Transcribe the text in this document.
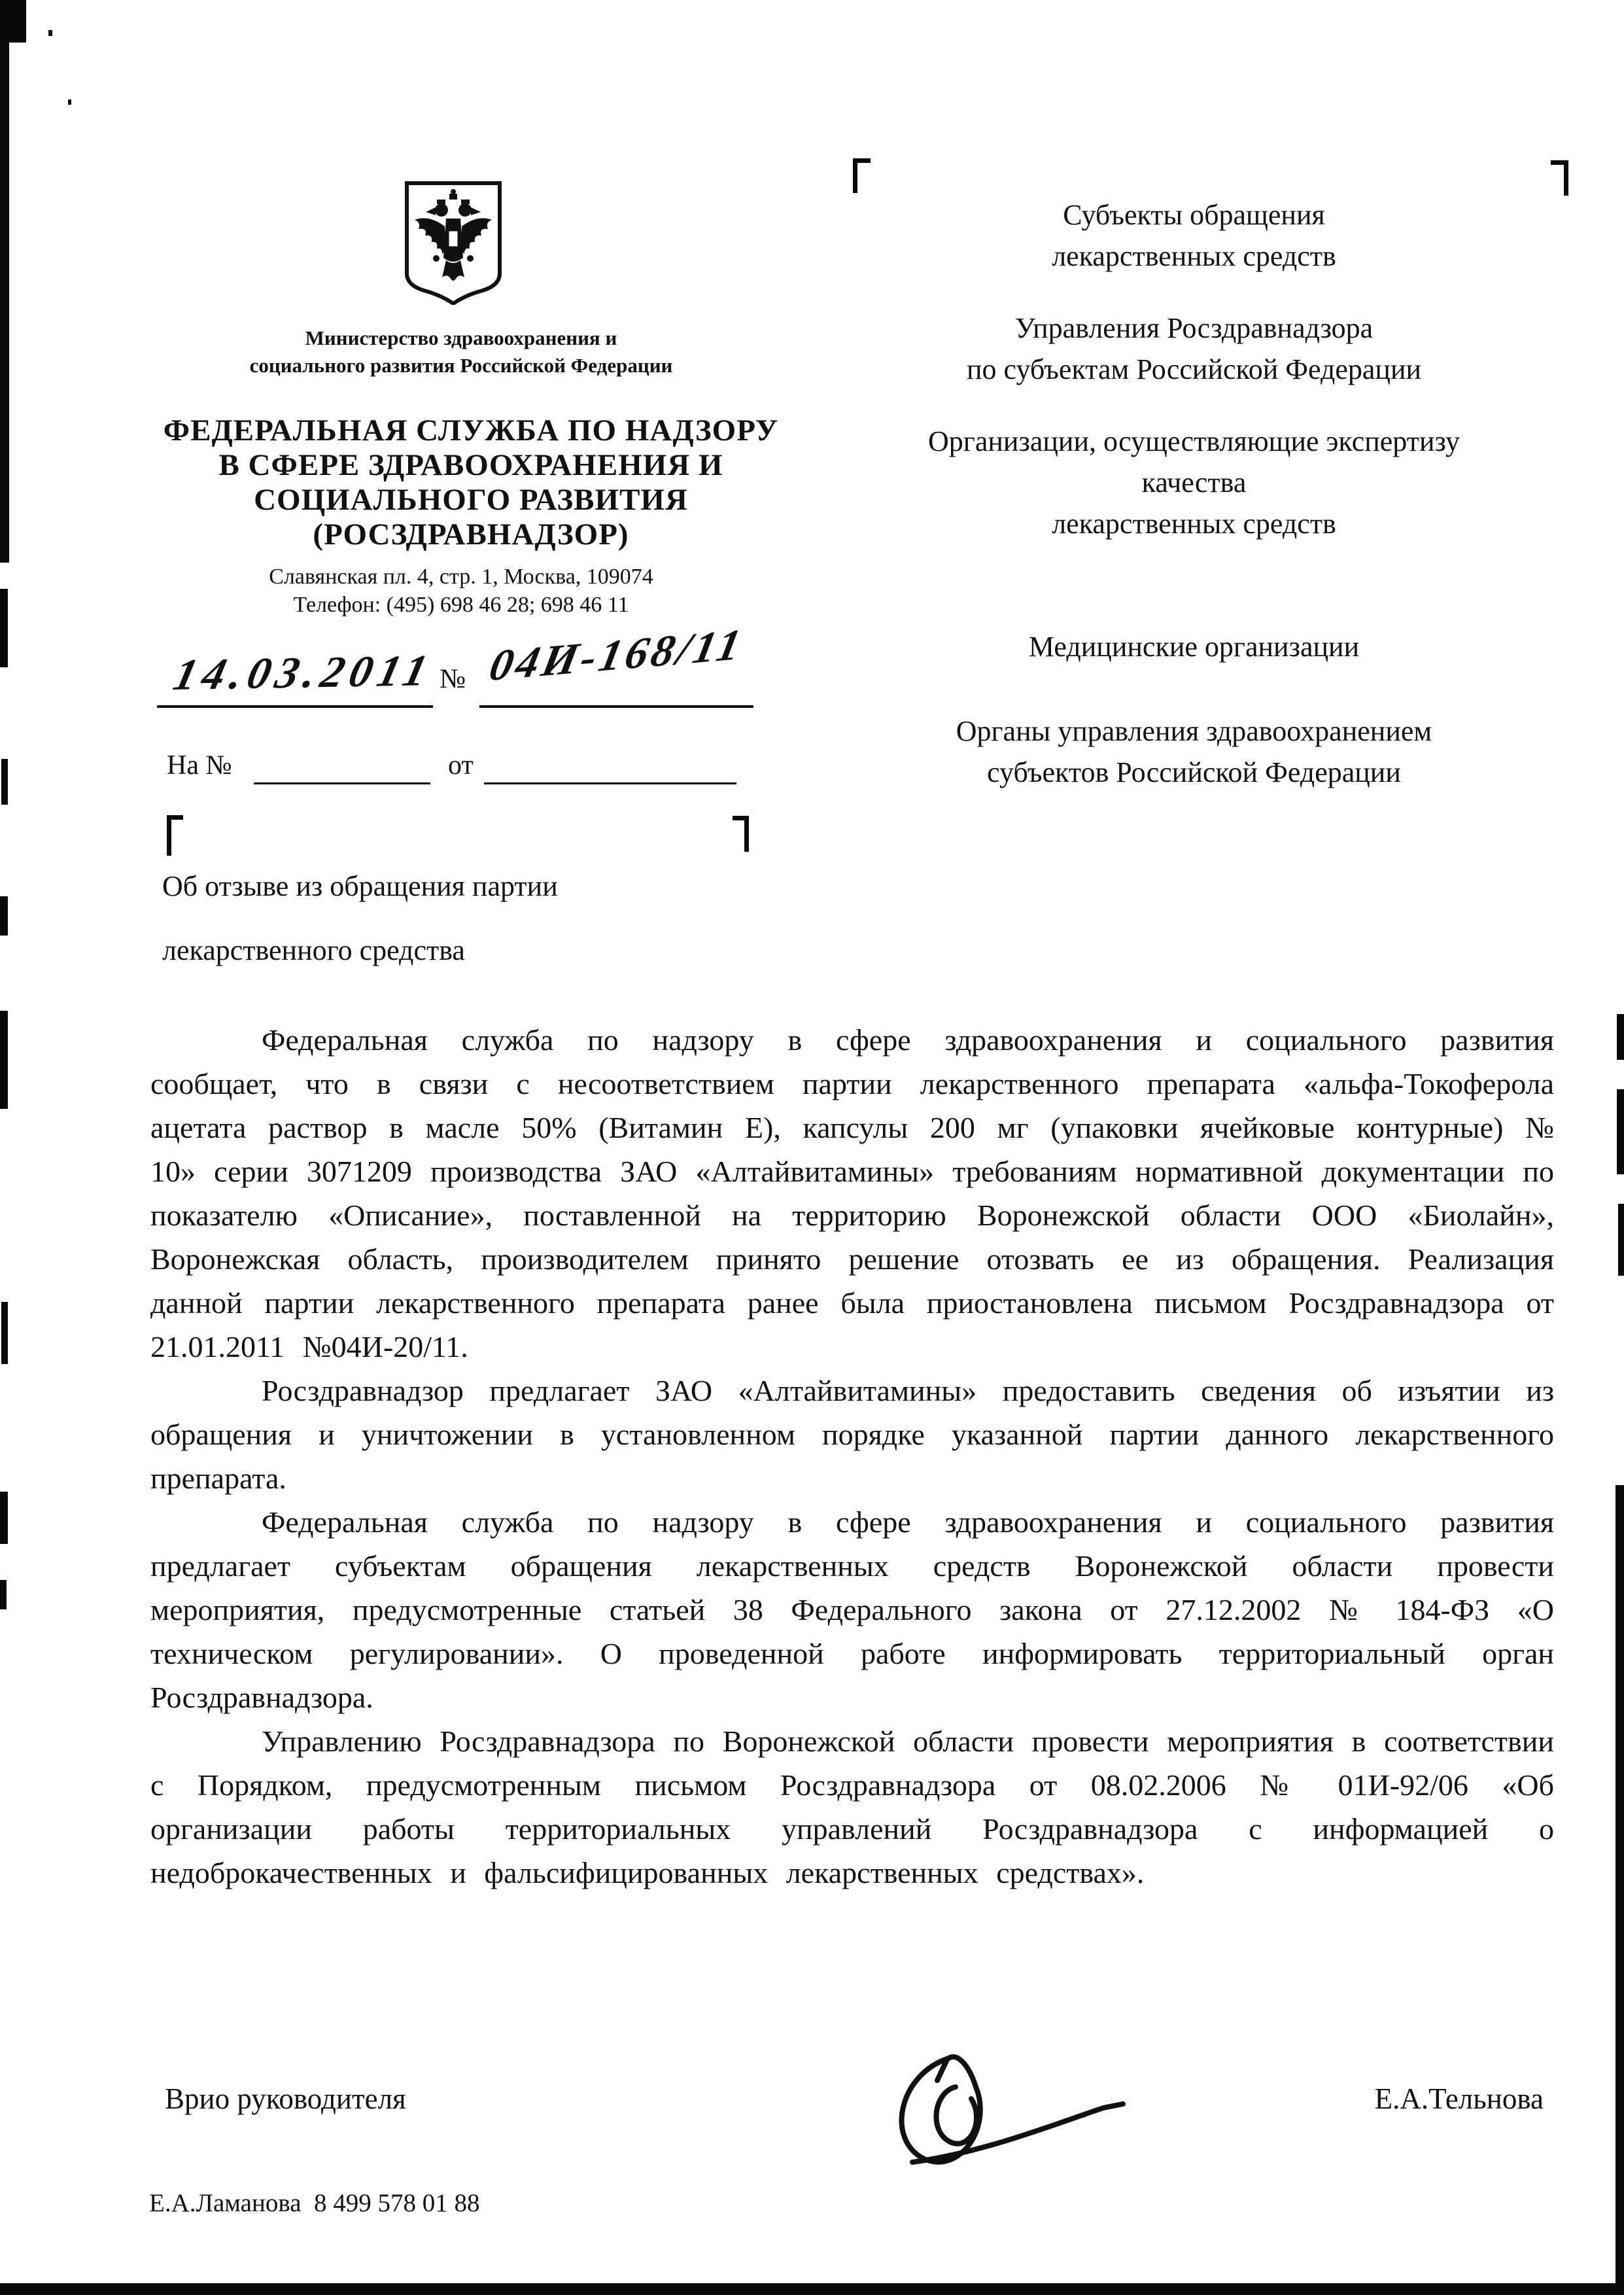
Министерство здравоохранения и
социального развития Российской Федерации
ФЕДЕРАЛЬНАЯ СЛУЖБА ПО НАДЗОРУ
В СФЕРЕ ЗДРАВООХРАНЕНИЯ И
СОЦИАЛЬНОГО РАЗВИТИЯ
(РОСЗДРАВНАДЗОР)
Славянская пл. 4, стр. 1, Москва, 109074
Телефон: (495) 698 46 28; 698 46 11
14.03.2011 № 04И-168/11
На №	от
Субъекты обращения
лекарственных средств
Управления Росздравнадзора
по субъектам Российской Федерации
Организации, осуществляющие экспертизу
качества
лекарственных средств
Медицинские организации
Органы управления здравоохранением
субъектов Российской Федерации
Об отзыве из обращения партии
лекарственного средства

Федеральная служба по надзору в сфере здравоохранения и социального развития сообщает, что в связи с несоответствием партии лекарственного препарата «альфа-Токоферола ацетата раствор в масле 50% (Витамин Е), капсулы 200 мг (упаковки ячейковые контурные) № 10» серии 3071209 производства ЗАО «Алтайвитамины» требованиям нормативной документации по показателю «Описание», поставленной на территорию Воронежской области ООО «Биолайн», Воронежская область, производителем принято решение отозвать ее из обращения. Реализация данной партии лекарственного препарата ранее была приостановлена письмом Росздравнадзора от 21.01.2011 №04И-20/11.

Росздравнадзор предлагает ЗАО «Алтайвитамины» предоставить сведения об изъятии из обращения и уничтожении в установленном порядке указанной партии данного лекарственного препарата.

Федеральная служба по надзору в сфере здравоохранения и социального развития предлагает субъектам обращения лекарственных средств Воронежской области провести мероприятия, предусмотренные статьей 38 Федерального закона от 27.12.2002 № 184-ФЗ «О техническом регулировании». О проведенной работе информировать территориальный орган Росздравнадзора.

Управлению Росздравнадзора по Воронежской области провести мероприятия в соответствии с Порядком, предусмотренным письмом Росздравнадзора от 08.02.2006 № 01И-92/06 «Об организации работы территориальных управлений Росздравнадзора с информацией о недоброкачественных и фальсифицированных лекарственных средствах».

Врио руководителя	Е.А.Тельнова
Е.А.Ламанова  8 499 578 01 88
